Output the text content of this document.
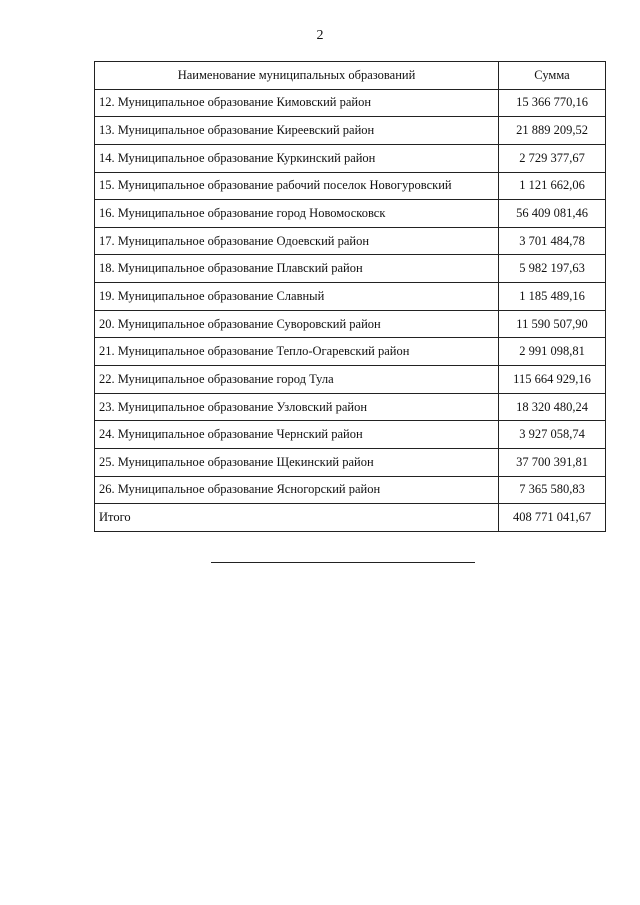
2
Наименование муниципальных образований	Сумма
12. Муниципальное образование Кимовский район	15 366 770,16
13. Муниципальное образование Киреевский район	21 889 209,52
14. Муниципальное образование Куркинский район	2 729 377,67
15. Муниципальное образование рабочий поселок Новогуровский	1 121 662,06
16. Муниципальное образование город Новомосковск	56 409 081,46
17. Муниципальное образование Одоевский район	3 701 484,78
18. Муниципальное образование Плавский район	5 982 197,63
19. Муниципальное образование Славный	1 185 489,16
20. Муниципальное образование Суворовский район	11 590 507,90
21. Муниципальное образование Тепло-Огаревский район	2 991 098,81
22. Муниципальное образование город Тула	115 664 929,16
23. Муниципальное образование Узловский район	18 320 480,24
24. Муниципальное образование Чернский район	3 927 058,74
25. Муниципальное образование Щекинский район	37 700 391,81
26. Муниципальное образование Ясногорский район	7 365 580,83
Итого	408 771 041,67
